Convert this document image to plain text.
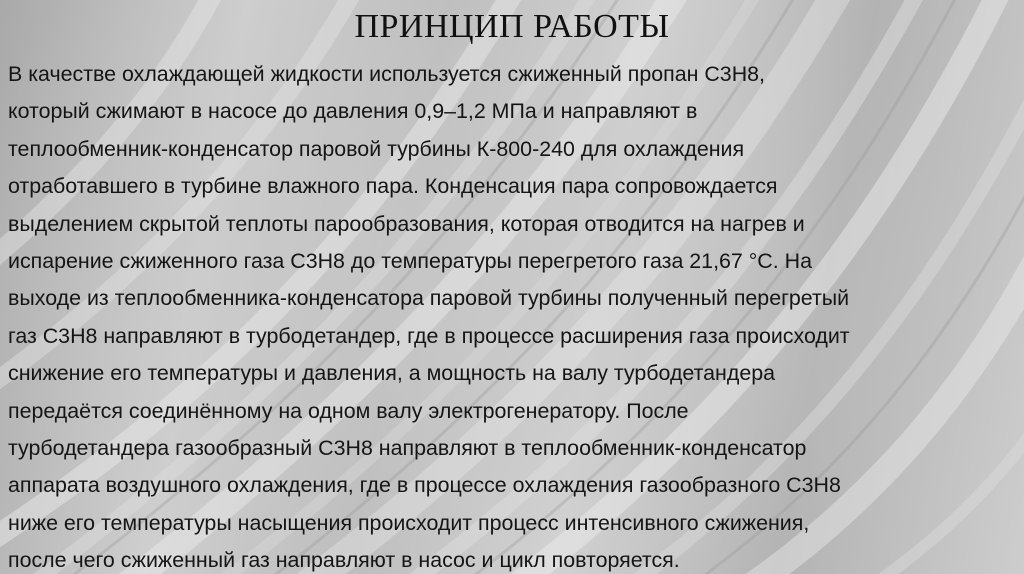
ПРИНЦИП РАБОТЫ

В качестве охлаждающей жидкости используется сжиженный пропан С3Н8,
который сжимают в насосе до давления 0,9–1,2 МПа и направляют в
теплообменник-конденсатор паровой турбины К-800-240 для охлаждения
отработавшего в турбине влажного пара. Конденсация пара сопровождается
выделением скрытой теплоты парообразования, которая отводится на нагрев и
испарение сжиженного газа С3Н8 до температуры перегретого газа 21,67 °С. На
выходе из теплообменника-конденсатора паровой турбины полученный перегретый
газ С3Н8 направляют в турбодетандер, где в процессе расширения газа происходит
снижение его температуры и давления, а мощность на валу турбодетандера
передаётся соединённому на одном валу электрогенератору. После
турбодетандера газообразный С3Н8 направляют в теплообменник-конденсатор
аппарата воздушного охлаждения, где в процессе охлаждения газообразного С3Н8
ниже его температуры насыщения происходит процесс интенсивного сжижения,
после чего сжиженный газ направляют в насос и цикл повторяется.
